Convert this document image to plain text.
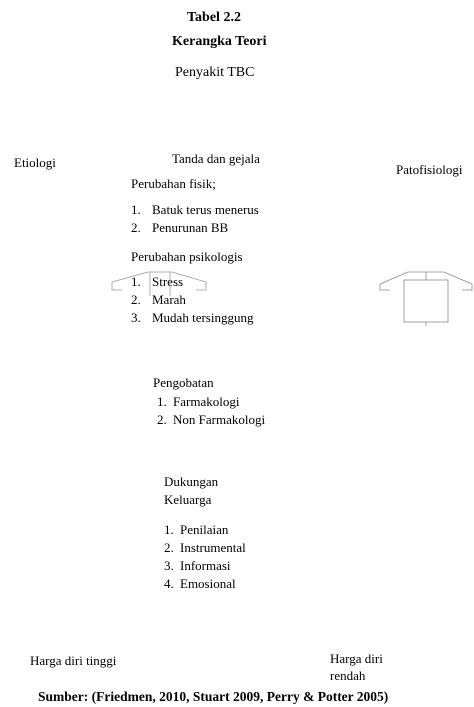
Tabel 2.2
Kerangka Teori
Penyakit TBC
Etiologi	Patofisiologi
Tanda dan gejala
Perubahan fisik;
1. Batuk terus menerus
2. Penurunan BB
Perubahan psikologis
1. Stress
2. Marah
3. Mudah tersinggung
Pengobatan
1. Farmakologi
2. Non Farmakologi
Dukungan
Keluarga
1. Penilaian
2. Instrumental
3. Informasi
4. Emosional
Harga diri tinggi	Harga diri
rendah
Sumber: (Friedmen, 2010, Stuart 2009, Perry & Potter 2005)
